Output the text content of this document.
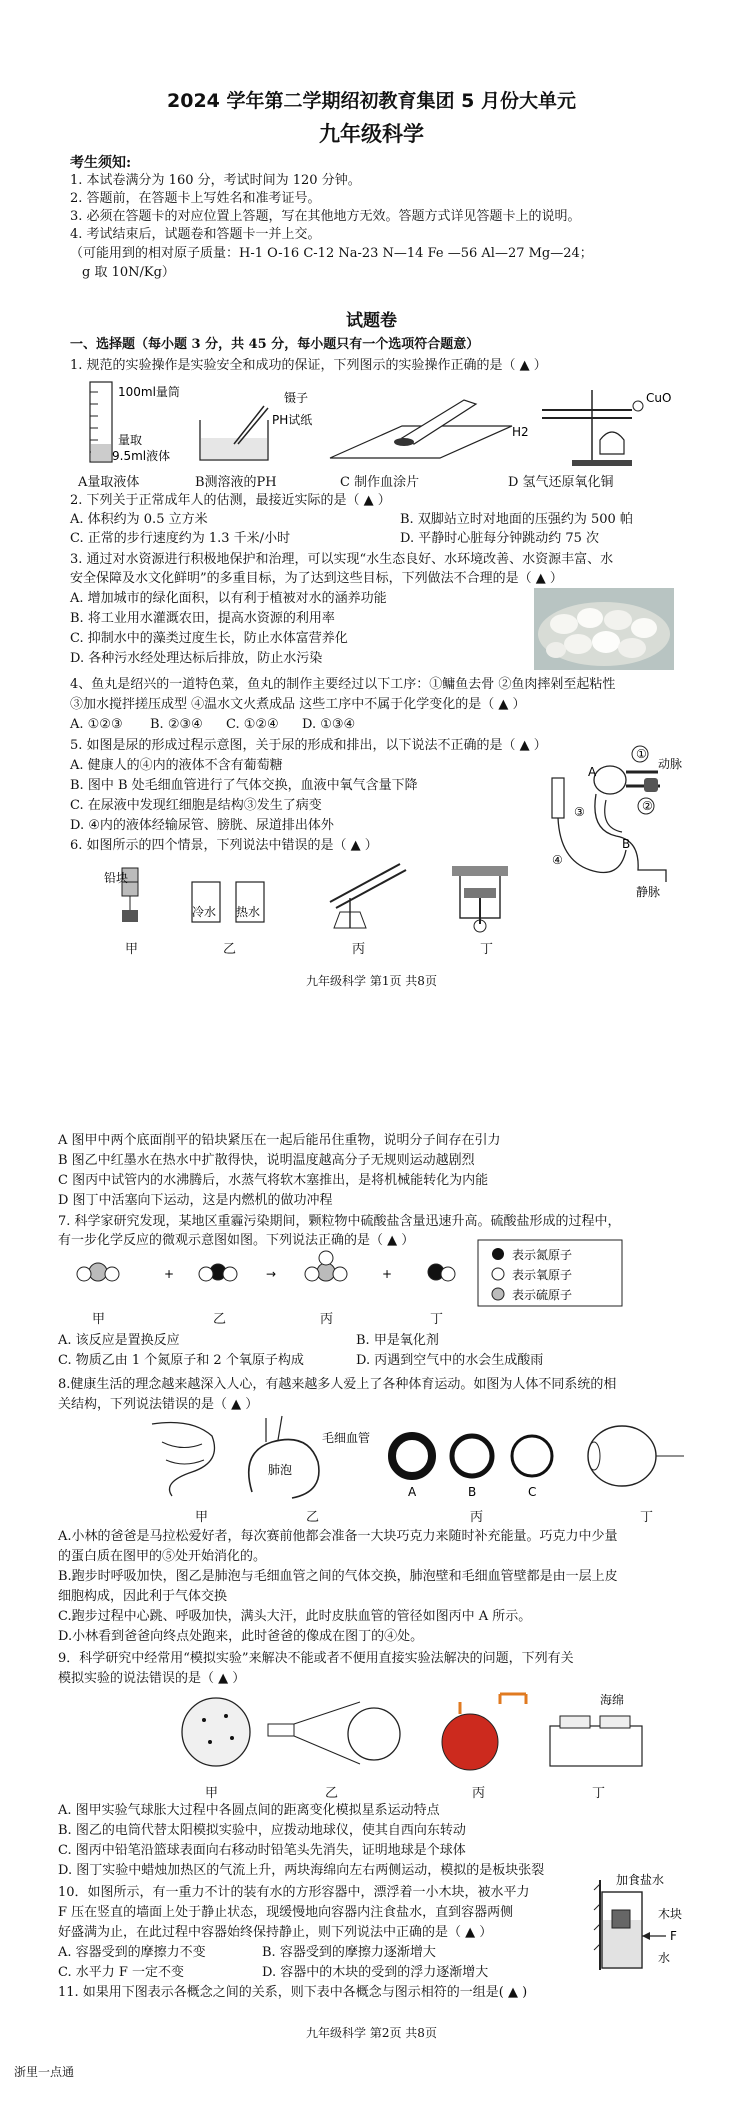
2024 学年第二学期绍初教育集团 5 月份大单元
九年级科学
考生须知:
1. 本试卷满分为 160 分，考试时间为 120 分钟。
2. 答题前，在答题卡上写姓名和准考证号。
3. 必须在答题卡的对应位置上答题，写在其他地方无效。答题方式详见答题卡上的说明。
4. 考试结束后，试题卷和答题卡一并上交。
（可能用到的相对原子质量：H-1 O-16 C-12 Na-23 N—14 Fe —56 Al—27 Mg—24；
g 取 10N/Kg）
试题卷
一、选择题（每小题 3 分，共 45 分，每小题只有一个选项符合题意）
1. 规范的实验操作是实验安全和成功的保证，下列图示的实验操作正确的是（ ▲ ）
100ml量筒
量取
9.5ml液体
镊子
PH试纸
H2
CuO
A量取液体	B测溶液的PH	C 制作血涂片	D 氢气还原氧化铜
2. 下列关于正常成年人的估测，最接近实际的是（ ▲ ）
A. 体积约为 0.5 立方米	B. 双脚站立时对地面的压强约为 500 帕
C. 正常的步行速度约为 1.3 千米/小时	D. 平静时心脏每分钟跳动约 75 次
3. 通过对水资源进行积极地保护和治理，可以实现“水生态良好、水环境改善、水资源丰富、水
安全保障及水文化鲜明”的多重目标，为了达到这些目标，下列做法不合理的是（ ▲ ）
A. 增加城市的绿化面积，以有利于植被对水的涵养功能
B. 将工业用水灌溉农田，提高水资源的利用率
C. 抑制水中的藻类过度生长，防止水体富营养化
D. 各种污水经处理达标后排放，防止水污染
4、鱼丸是绍兴的一道特色菜，鱼丸的制作主要经过以下工序：①鳙鱼去骨 ②鱼肉摔剁至起粘性
③加水搅拌搓压成型 ④温水文火煮成品 这些工序中不属于化学变化的是（ ▲ ）
A. ①②③ B. ②③④ C. ①②④ D. ①③④
5. 如图是尿的形成过程示意图，关于尿的形成和排出，以下说法不正确的是（ ▲ ）
A. 健康人的④内的液体不含有葡萄糖
B. 图中 B 处毛细血管进行了气体交换，血液中氧气含量下降
C. 在尿液中发现红细胞是结构③发生了病变
D. ④内的液体经输尿管、膀胱、尿道排出体外
①
②
③
④
A
B
动脉
静脉
6. 如图所示的四个情景，下列说法中错误的是（ ▲ ）
铅块
冷水 热水
甲	乙	丙	丁
九年级科学 第1页 共8页
A 图甲中两个底面削平的铅块紧压在一起后能吊住重物，说明分子间存在引力
B 图乙中红墨水在热水中扩散得快，说明温度越高分子无规则运动越剧烈
C 图丙中试管内的水沸腾后，水蒸气将软木塞推出，是将机械能转化为内能
D 图丁中活塞向下运动，这是内燃机的做功冲程
7. 科学家研究发现，某地区重霾污染期间，颗粒物中硫酸盐含量迅速升高。硫酸盐形成的过程中，
有一步化学反应的微观示意图如图。下列说法正确的是（ ▲ ）
+	→	+
表示氮原子
表示氧原子
表示硫原子
甲	乙	丙	丁
A. 该反应是置换反应	B. 甲是氧化剂
C. 物质乙由 1 个氮原子和 2 个氧原子构成	D. 丙遇到空气中的水会生成酸雨
8.健康生活的理念越来越深入人心，有越来越多人爱上了各种体育运动。如图为人体不同系统的相
关结构，下列说法错误的是（ ▲ ）
肺泡
毛细血管
A	B	C
甲	乙	丙	丁
A.小林的爸爸是马拉松爱好者，每次赛前他都会准备一大块巧克力来随时补充能量。巧克力中少量
的蛋白质在图甲的⑤处开始消化的。
B.跑步时呼吸加快，图乙是肺泡与毛细血管之间的气体交换，肺泡壁和毛细血管壁都是由一层上皮
细胞构成，因此利于气体交换
C.跑步过程中心跳、呼吸加快，满头大汗，此时皮肤血管的管径如图丙中 A 所示。
D.小林看到爸爸向终点处跑来，此时爸爸的像成在图丁的④处。
9．科学研究中经常用“模拟实验”来解决不能或者不便用直接实验法解决的问题，下列有关
模拟实验的说法错误的是（ ▲ ）
海绵
甲	乙	丙	丁
A. 图甲实验气球胀大过程中各圆点间的距离变化模拟星系运动特点
B. 图乙的电筒代替太阳模拟实验中，应拨动地球仪，使其自西向东转动
C. 图丙中铅笔沿篮球表面向右移动时铅笔头先消失，证明地球是个球体
D. 图丁实验中蜡烛加热区的气流上升，两块海绵向左右两侧运动，模拟的是板块张裂
10．如图所示，有一重力不计的装有水的方形容器中，漂浮着一小木块，被水平力
F 压在竖直的墙面上处于静止状态，现缓慢地向容器内注食盐水，直到容器两侧
好盛满为止，在此过程中容器始终保持静止，则下列说法中正确的是（ ▲ ）
加食盐水
木块
F
水
A. 容器受到的摩擦力不变	B. 容器受到的摩擦力逐渐增大
C. 水平力 F 一定不变	D. 容器中的木块的受到的浮力逐渐增大
11. 如果用下图表示各概念之间的关系，则下表中各概念与图示相符的一组是( ▲ )
九年级科学 第2页 共8页
浙里一点通
